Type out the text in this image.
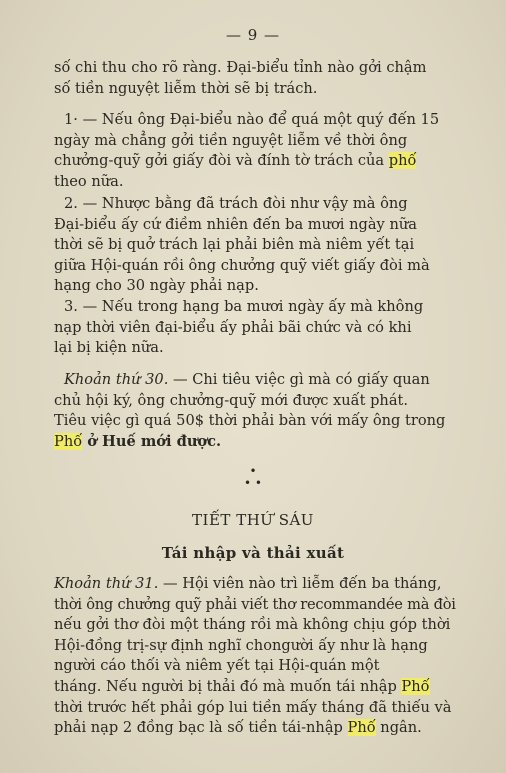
— 9 —
số chi thu cho rõ ràng. Đại-biểu tỉnh nào gởi chậm
số tiền nguyệt liễm thời sẽ bị trách.
1· — Nếu ông Đại-biểu nào để quá một quý đến 15
ngày mà chẳng gởi tiền nguyệt liễm về thời ông
chưởng-quỹ gởi giấy đòi và đính tờ trách của phố
theo nữa.
2. — Nhược bằng đã trách đòi như vậy mà ông
Đại-biểu ấy cứ điềm nhiên đến ba mươi ngày nữa
thời sẽ bị quở trách lại phải biên mà niêm yết tại
giữa Hội-quán rồi ông chưởng quỹ viết giấy đòi mà
hạng cho 30 ngày phải nạp.
3. — Nếu trong hạng ba mươi ngày ấy mà không
nạp thời viên đại-biểu ấy phải bãi chức và có khi
lại bị kiện nữa.
Khoản thứ 30. — Chi tiêu việc gì mà có giấy quan
chủ hội ký, ông chưởng-quỹ mới được xuất phát.
Tiêu việc gì quá 50$ thời phải bàn với mấy ông trong
Phố ở Huế mới được.
•
• •
TIẾT THỨ SÁU
Tái nhập và thải xuất
Khoản thứ 31. — Hội viên nào trì liễm đến ba tháng,
thời ông chưởng quỹ phải viết thơ recommandée mà đòi
nếu gởi thơ đòi một tháng rồi mà không chịu góp thời
Hội-đồng trị-sự định nghĩ chongười ấy như là hạng
người cáo thối và niêm yết tại Hội-quán một
tháng. Nếu người bị thải đó mà muốn tái nhập Phố
thời trước hết phải góp lui tiền mấy tháng đã thiếu và
phải nạp 2 đồng bạc là số tiền tái-nhập Phố ngân.
